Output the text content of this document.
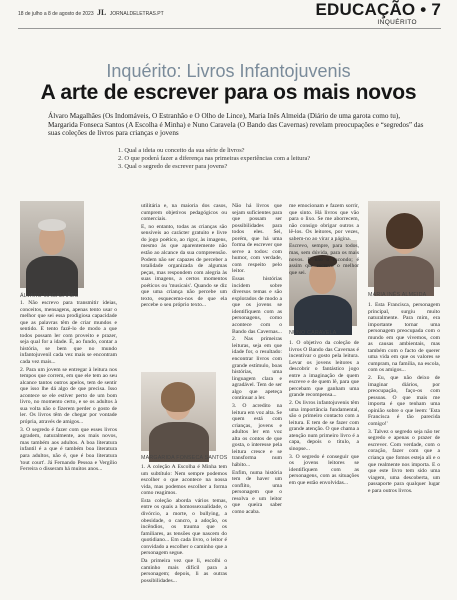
18 de julho a 8 de agosto de 2023 JL JORNALDELETRAS.PT	EDUCAÇÃO • 7
INQUÉRITO
Inquérito: Livros Infantojuvenis
A arte de escrever para os mais novos
Álvaro Magalhães (Os Indomáveis, O Estranhão e O Olho de Lince), Maria Inês Almeida (Diário de uma garota como tu), Margarida Fonseca Santos (A Escolha é Minha) e Nuno Caravela (O Bando das Cavernas) revelam preocupações e “segredos” das suas coleções de livros para crianças e jovens
1. Qual a ideia ou conceito da sua série de livros?
2. O que poderá fazer a diferença nas primeiras experiências com a leitura?
3. Qual o segredo de escrever para jovens?
ÁLVARO MAGALHÃES
MARGARIDA FONSECA SANTOS
NUNO CARAVELA
MARIA INÊS ALMEIDA

1. Não escrevo para transmitir ideias, conceitos, mensagens, apenas tento usar o melhor que sei essa prodigiosa capacidade que as palavras têm de criar mundos e sentido. E tento fazê-lo de modo a que todos possam ler com proveito e prazer, seja qual for a idade. É, ao fundo, contar a história, se bem que no mundo infantojuvenil cada vez mais se encontram cada vez mais...

2. Para um jovem se entregar à leitura nos tempos que correm, em que ele tem ao seu alcance tantos outros apelos, tem de sentir que isso lhe dá algo de que precisa. Isso acontece se ele estiver perto de um bom livro, no momento certo, e se os adultos à sua volta não o fizerem perder o gosto de ler. Os livros têm de chegar por vontade própria, através de amigos...

3. O segredo é fazer com que esses livros agradem, naturalmente, aos mais novos, mas também aos adultos. A boa literatura infantil é a que é também boa literatura para adultos, não é, que é boa literatura 'tout court'. Já Fernando Pessoa e Vergílio Ferreira o disseram há muitos anos...

utilitária e, na maioria dos casos, cumprem objetivos pedagógicos ou comerciais.

E, no entanto, todas as crianças são sensíveis ao carácter gratuito e livre do jogo poético, ao rigor, às imagens, mesmo às que aparentemente não estão ao alcance da sua compreensão. Podem não ser capazes de perceber a totalidade organizada de algumas peças, mas respondem com alegria às suas imagens, a certos momentos poéticos ou 'musicais'. Quando se diz que uma criança não percebe um texto, esquecemo-nos de que ela percebe o seu próprio texto...

1. A coleção A Escolha é Minha tem um subtítulo: Nem sempre podemos escolher o que acontece na nossa vida, mas podemos escolher a forma como reagimos.

Esta coleção aborda vários temas, entre os quais a homossexualidade, o divórcio, a morte, o bullying, a obesidade, o cancro, a adoção, os incêndios, os trauma que os familiares, as tensões que nascem do quotidiano... Em cada livro, o leitor é convidado a escolher o caminho que a personagem segue.

Da primeira vez que li, escolhi o caminho mais difícil para a personagem; depois, li as outras possibilidades...

Não há livros que sejam suficientes para que possam ser possibilidades para todos eles. Sei, porém, que há uma forma de escrever que serve a todos: com humor, com verdade, com respeito pelo leitor.

Essas histórias incidem sobre diversos temas e são explorados de modo a que os jovens se identifiquem com as personagens, como acontece com o Bando das Cavernas...

2. Nas primeiras leituras, seja em que idade for, o resultado: encontrar livros com grande estímulo, boas histórias, uma linguagem clara e agradável. Tem de ser algo que apeteça continuar a ler.

3. O acredito na leitura em voz alta. Se quem está com crianças, jovens e adultos ler em voz alta os contos de que gosta, o interesse pela leitura cresce e se transforma num hábito...

Enfim, numa história tem de haver um conflito, uma personagem que o resolva e um leitor que queira saber como acaba.

me emocionam e fazem sorrir, que sinto. Há livros que vão para o lixo. Se me aborrecem, não consigo obrigar outros a lê-los. Os leitores, por vezes, sabem-no ao virar a página.

Escrevo, sempre, para todos, mas, sem dúvida, para os mais novos. E não o escondo; é assim que escrevo o melhor que sei.

1. O objetivo da coleção de livros O Bando das Cavernas é incentivar o gosto pela leitura. Levar os jovens leitores a descobrir o fantástico jogo entre a imaginação de quem escreve e de quem lê, para que percebam que ganham uma grande recompensa...

2. Os livros infantojuvenis têm uma importância fundamental, são o primeiro contacto com a leitura. E tem de se fazer com grande atenção. O que chama a atenção num primeiro livro é a capa, depois o título, a sinopse...

3. O segredo é conseguir que os jovens leitores se identifiquem com as personagens, com as situações em que estão envolvidas...

1. Esta Francisca, personagem principal, surgiu muito naturalmente. Para mim, era importante tornar uma personagem preocupada com o mundo em que vivemos, com as causas ambientais, mas também com o facto de querer uma vida em que os valores se cumpram, na família, na escola, com os amigos...

2. Eu, que não deixo de imaginar diários, por preocupação, faço-os com pessoas. O que mais me importa é que tenham uma opinião sobre o que leem: 'Esta Francisca é tão parecida comigo!'

3. Talvez o segredo seja não ter segredo e apenas o prazer de escrever. Com verdade, com o coração, fazer com que a criança que fomos esteja ali e o que realmente nos importa. E o que este livro tem sido uma viagem, uma descoberta, um passaporte para qualquer lugar e para outros livros.
